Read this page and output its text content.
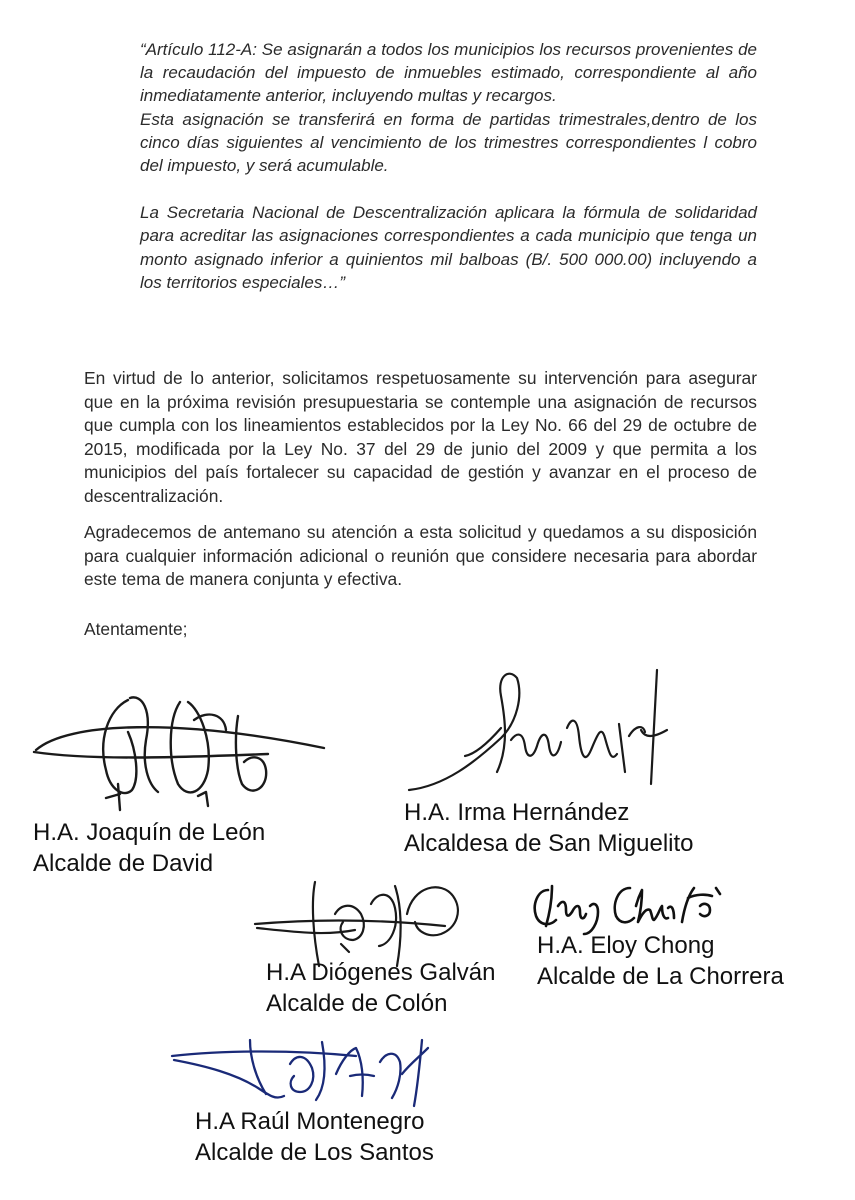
“Artículo 112-A: Se asignarán a todos los municipios los recursos provenientes de la recaudación del impuesto de inmuebles estimado, correspondiente al año inmediatamente anterior, incluyendo multas y recargos.

Esta asignación se transferirá en forma de partidas trimestrales,dentro de los cinco días siguientes al vencimiento de los trimestres correspondientes l cobro del impuesto, y será acumulable.

La Secretaria Nacional de Descentralización aplicara la fórmula de solidaridad para acreditar las asignaciones correspondientes a cada municipio que tenga un monto asignado inferior a quinientos mil balboas (B/. 500 000.00) incluyendo a los territorios especiales…”

En virtud de lo anterior, solicitamos respetuosamente su intervención para asegurar que en la próxima revisión presupuestaria se contemple una asignación de recursos que cumpla con los lineamientos establecidos por la Ley No. 66 del 29 de octubre de 2015, modificada por la Ley No. 37 del 29 de junio del 2009 y que permita a los municipios del país fortalecer su capacidad de gestión y avanzar en el proceso de descentralización.

Agradecemos de antemano su atención a esta solicitud y quedamos a su disposición para cualquier información adicional o reunión que considere necesaria para abordar este tema de manera conjunta y efectiva.

Atentamente;

H.A. Joaquín de León
Alcalde de David
H.A. Irma Hernández
Alcaldesa de San Miguelito
H.A Diógenes Galván
Alcalde de Colón
H.A. Eloy Chong
Alcalde de La Chorrera
H.A Raúl Montenegro
Alcalde de Los Santos
